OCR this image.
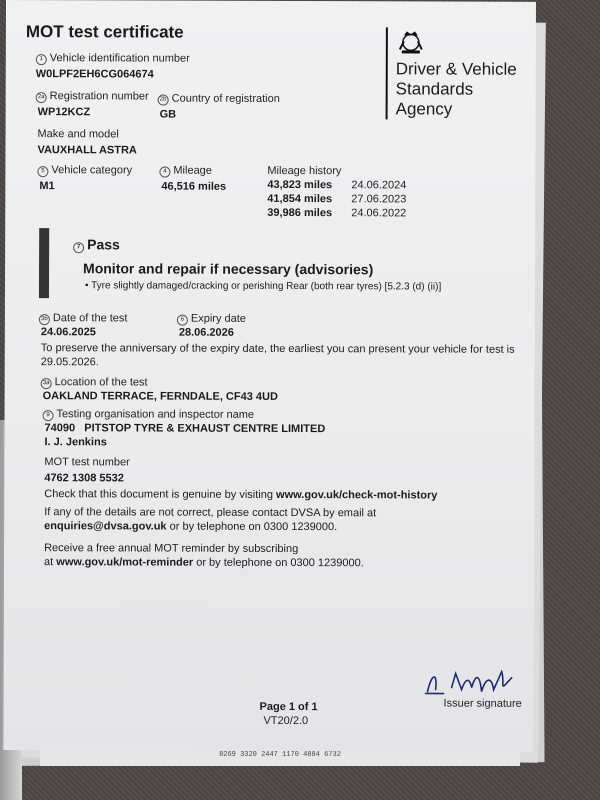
8269 3320 2447 1170 4884 6732
MOT test certificate
Driver & Vehicle
Standards
Agency
1 Vehicle identification number
W0LPF2EH6CG064674
2a Registration number
WP12KCZ
2b Country of registration
GB
Make and model
VAUXHALL ASTRA
5 Vehicle category
M1
4 Mileage
46,516 miles
Mileage history
43,823 miles 24.06.2024
41,854 miles 27.06.2023
39,986 miles 24.06.2022
7 Pass
Monitor and repair if necessary (advisories)
• Tyre slightly damaged/cracking or perishing Rear (both rear tyres) [5.2.3 (d) (ii)]
3b Date of the test
24.06.2025
6 Expiry date
28.06.2026
To preserve the anniversary of the expiry date, the earliest you can present your vehicle for test is
29.05.2026.
3a Location of the test
OAKLAND TERRACE, FERNDALE, CF43 4UD
9 Testing organisation and inspector name
74090   PITSTOP TYRE & EXHAUST CENTRE LIMITED
I. J. Jenkins
MOT test number
4762 1308 5532
Check that this document is genuine by visiting www.gov.uk/check-mot-history
If any of the details are not correct, please contact DVSA by email at
enquiries@dvsa.gov.uk or by telephone on 0300 1239000.
Receive a free annual MOT reminder by subscribing
at www.gov.uk/mot-reminder or by telephone on 0300 1239000.
Issuer signature
Page 1 of 1
VT20/2.0
